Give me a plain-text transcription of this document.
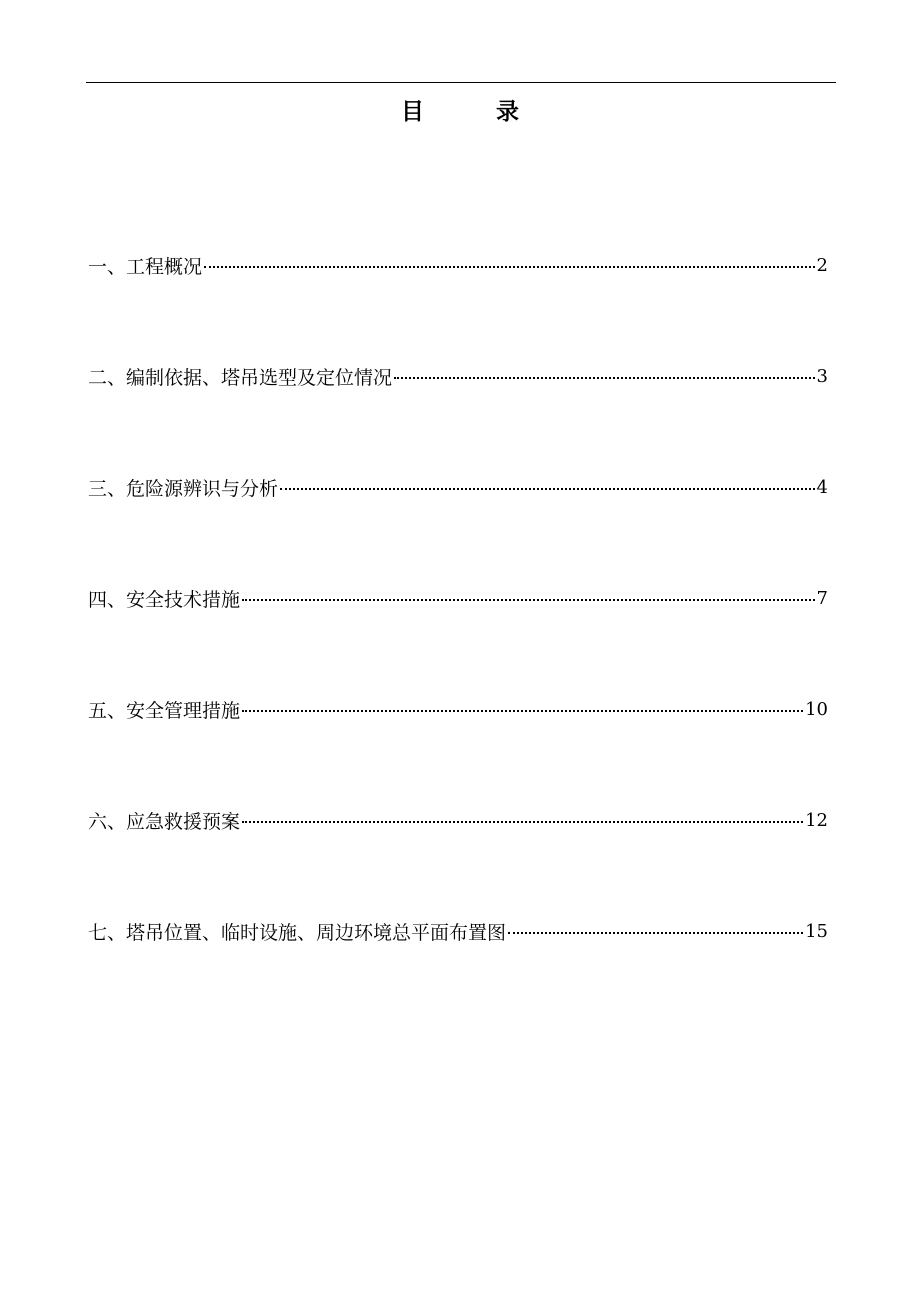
目	录
一、工程概况	2
二、编制依据、塔吊选型及定位情况	3
三、危险源辨识与分析	4
四、安全技术措施	7
五、安全管理措施	10
六、应急救援预案	12
七、塔吊位置、临时设施、周边环境总平面布置图	15
